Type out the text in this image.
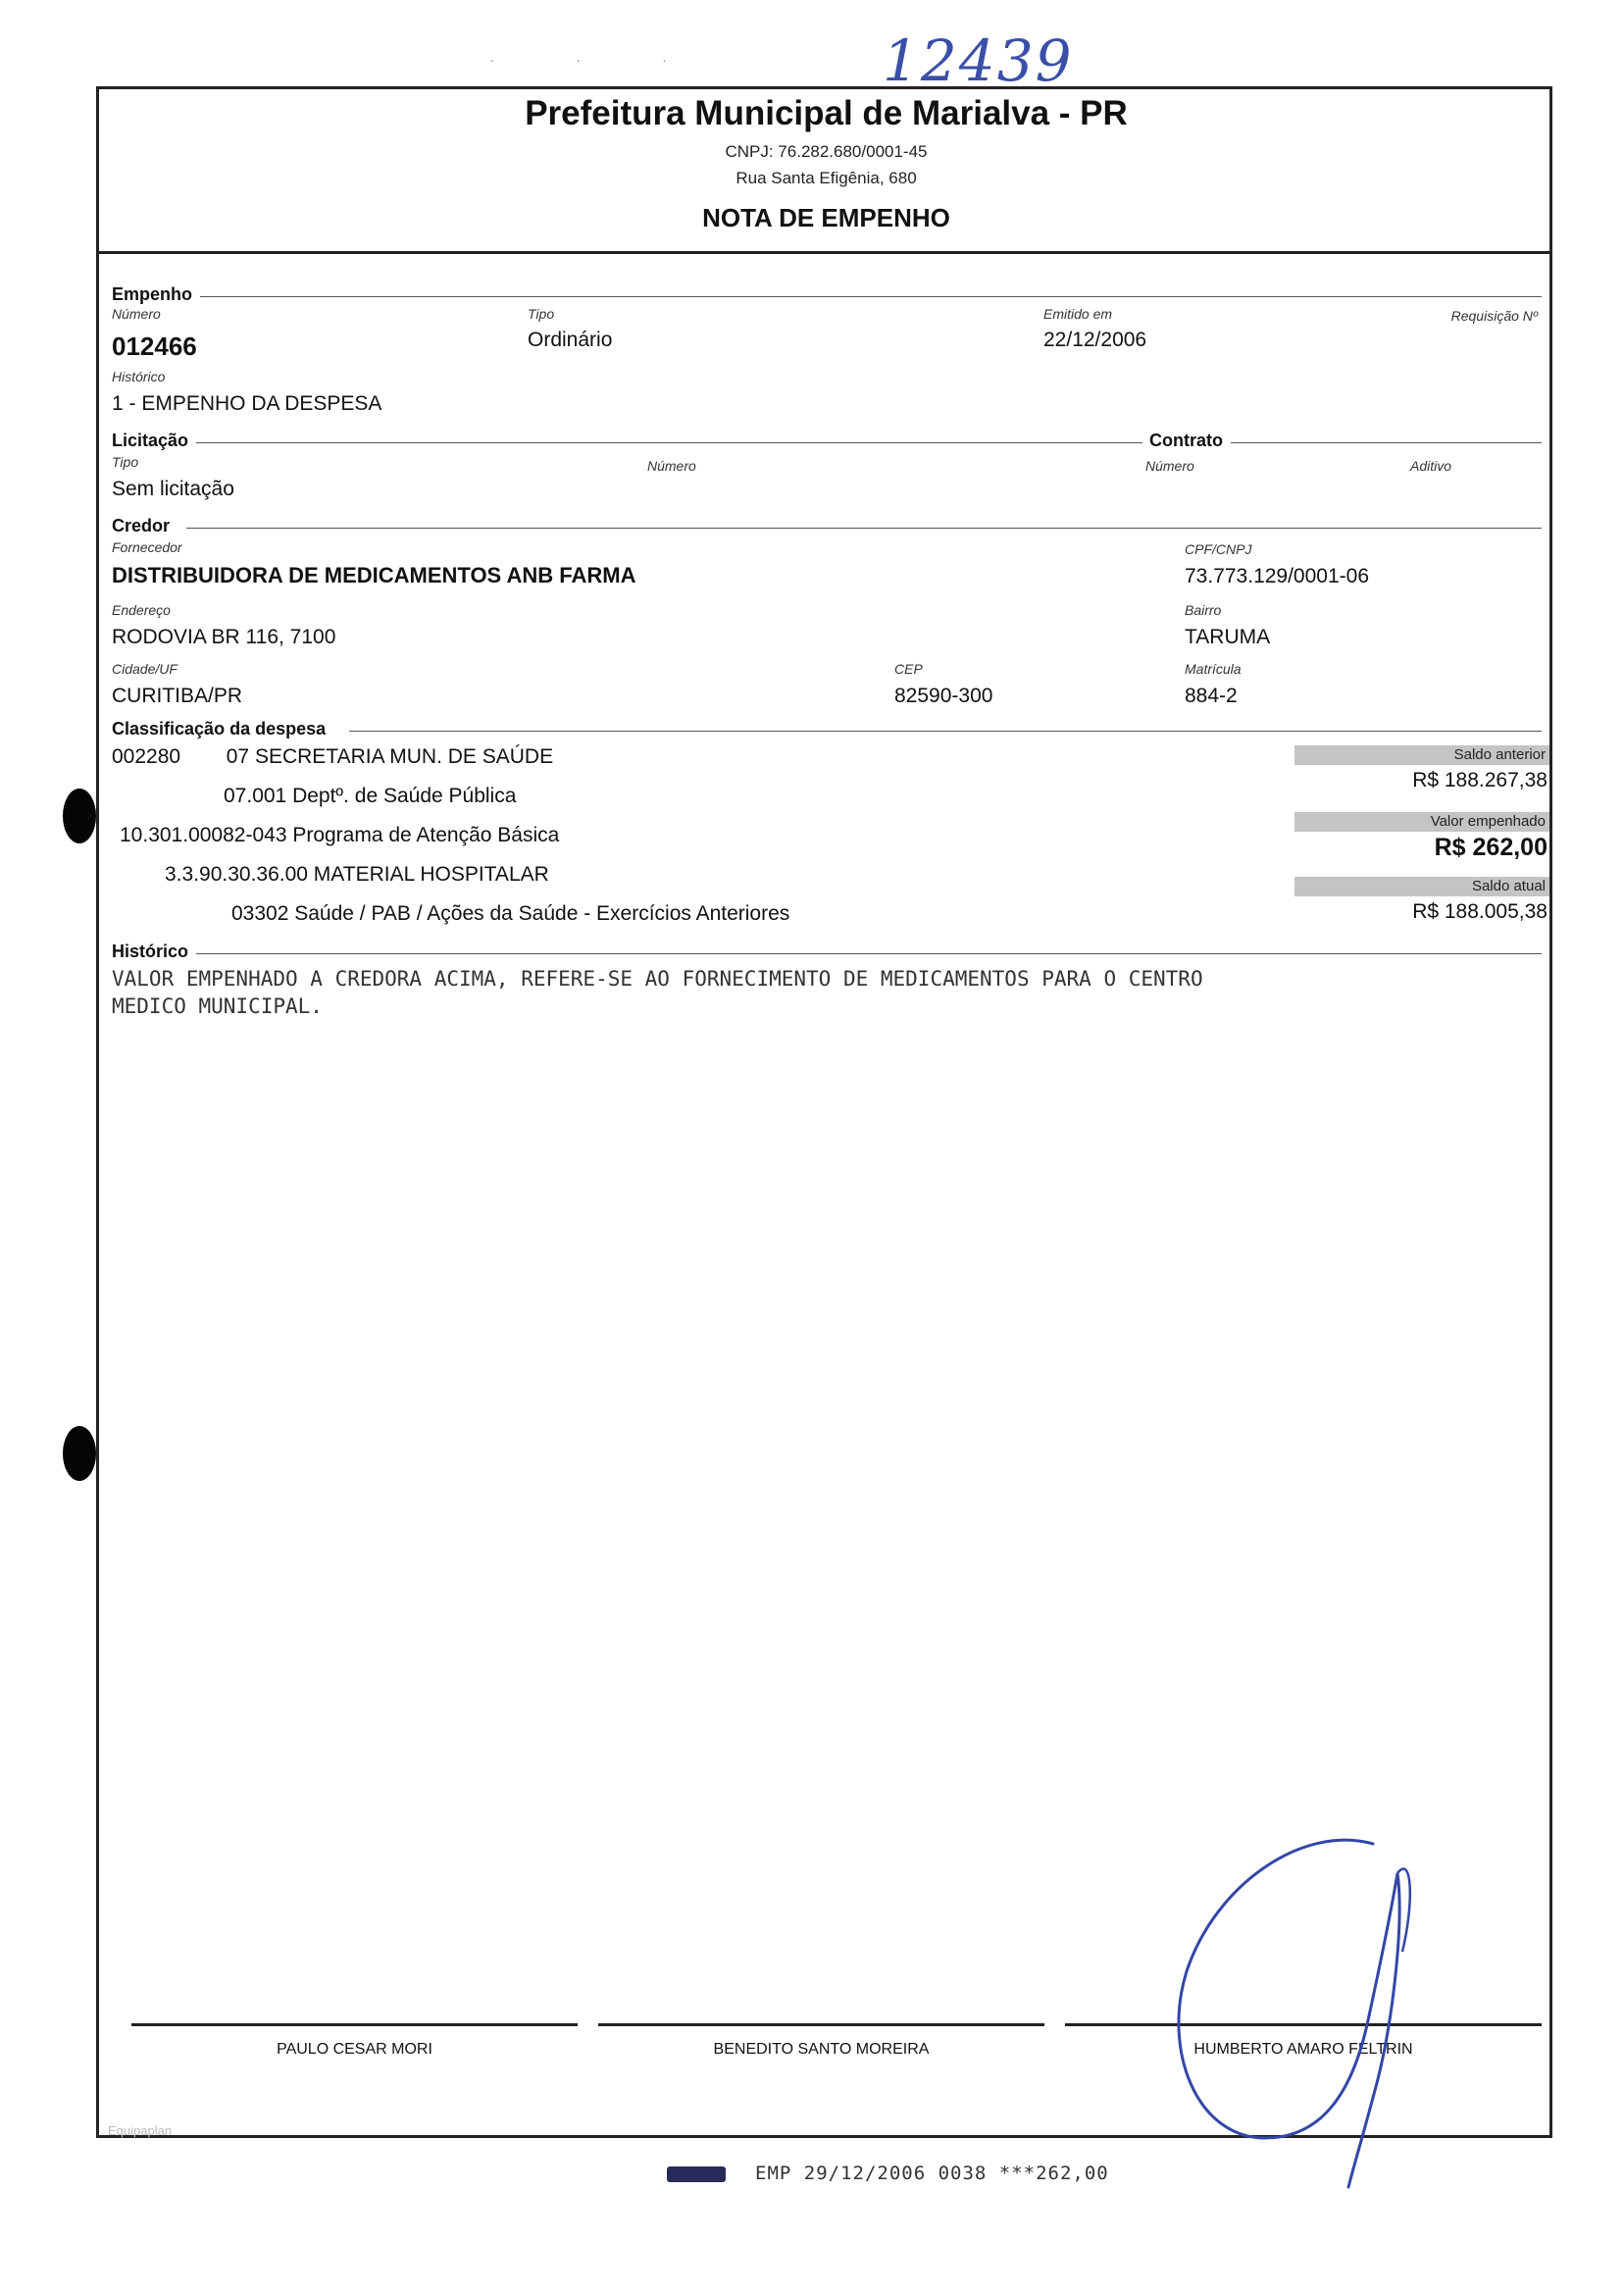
12439
. . .
Prefeitura Municipal de Marialva - PR
CNPJ: 76.282.680/0001-45
Rua Santa Efigênia, 680
NOTA DE EMPENHO
Empenho
Número
012466
Tipo
Ordinário
Emitido em
22/12/2006
Requisição Nº
Histórico
1 - EMPENHO DA DESPESA
Licitação	Contrato
Tipo
Sem licitação
Número	Número	Aditivo
Credor
Fornecedor
DISTRIBUIDORA DE MEDICAMENTOS ANB FARMA
CPF/CNPJ
73.773.129/0001-06
Endereço
RODOVIA BR 116, 7100
Bairro
TARUMA
Cidade/UF
CURITIBA/PR
CEP
82590-300
Matrícula
884-2
Classificação da despesa
002280        07 SECRETARIA MUN. DE SAÚDE
07.001 Deptº. de Saúde Pública
10.301.00082-043 Programa de Atenção Básica
3.3.90.30.36.00 MATERIAL HOSPITALAR
03302 Saúde / PAB / Ações da Saúde - Exercícios Anteriores
Saldo anterior
R$ 188.267,38
Valor empenhado
R$ 262,00
Saldo atual
R$ 188.005,38
Histórico
VALOR EMPENHADO A CREDORA ACIMA, REFERE-SE AO FORNECIMENTO DE MEDICAMENTOS PARA O CENTRO
MEDICO MUNICIPAL.
PAULO CESAR MORI	BENEDITO SANTO MOREIRA	HUMBERTO AMARO FELTRIN
Equipaplan
EMP 29/12/2006 0038 ***262,00
